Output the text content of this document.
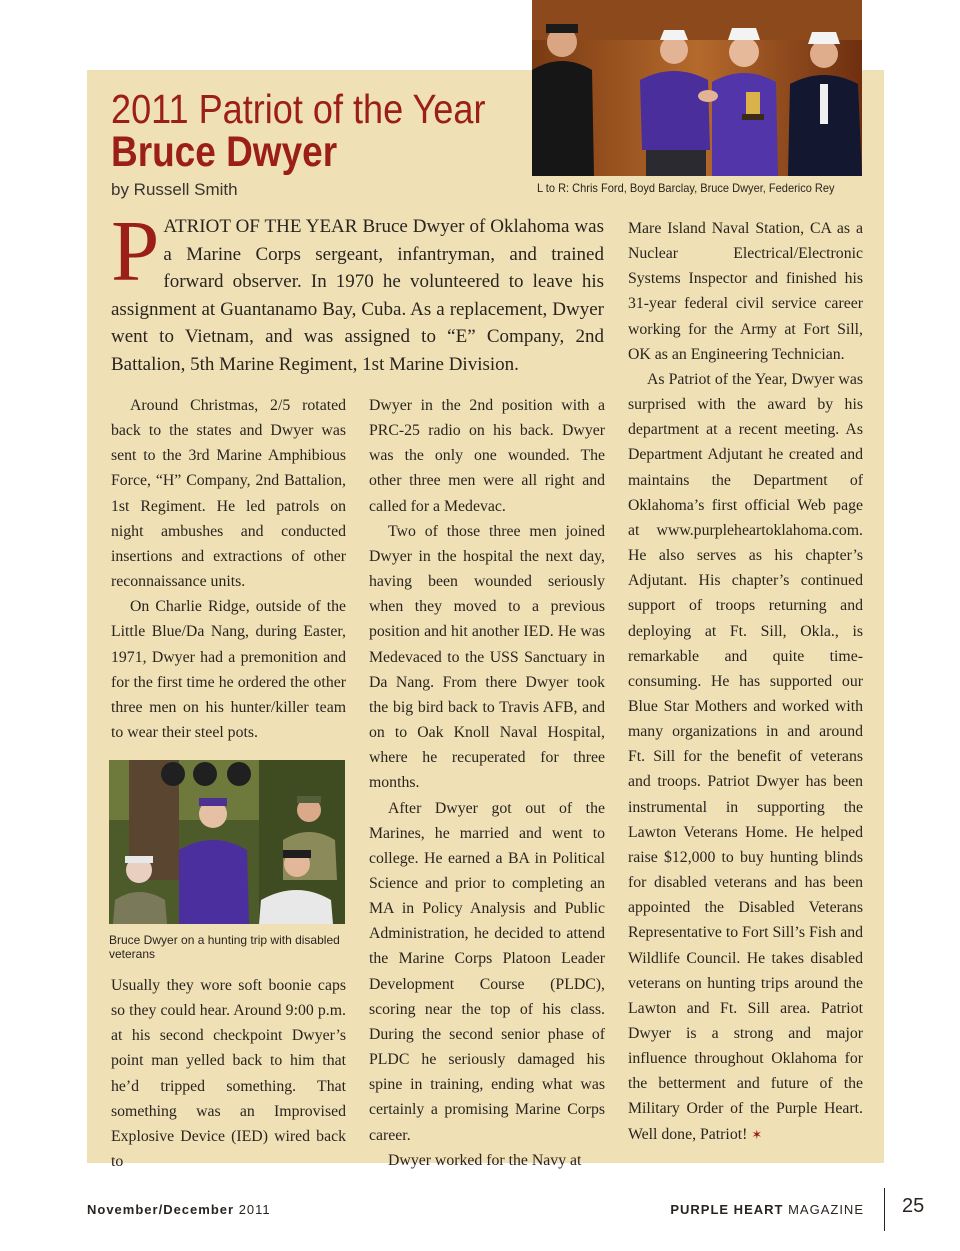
2011 Patriot of the Year
Bruce Dwyer
by Russell Smith	L to R: Chris Ford, Boyd Barclay, Bruce Dwyer, Federico Rey

PATRIOT OF THE YEAR Bruce Dwyer of Oklahoma was a Marine Corps sergeant, infantryman, and trained forward observer. In 1970 he volunteered to leave his assignment at Guantanamo Bay, Cuba. As a replacement, Dwyer went to Vietnam, and was assigned to “E” Company, 2nd Battalion, 5th Marine Regiment, 1st Marine Division.

Around Christmas, 2/5 rotated back to the states and Dwyer was sent to the 3rd Marine Amphibious Force, “H” Company, 2nd Battalion, 1st Regiment. He led patrols on night ambushes and conducted insertions and extractions of other reconnaissance units.

On Charlie Ridge, outside of the Little Blue/Da Nang, during Easter, 1971, Dwyer had a premonition and for the first time he ordered the other three men on his hunter/killer team to wear their steel pots.

Bruce Dwyer on a hunting trip with disabled veterans

Usually they wore soft boonie caps so they could hear. Around 9:00 p.m. at his second checkpoint Dwyer’s point man yelled back to him that he’d tripped something. That something was an Improvised Explosive Device (IED) wired back to

Dwyer in the 2nd position with a PRC-25 radio on his back. Dwyer was the only one wounded. The other three men were all right and called for a Medevac.

Two of those three men joined Dwyer in the hospital the next day, having been wounded seriously when they moved to a previous position and hit another IED. He was Medevaced to the USS Sanctuary in Da Nang. From there Dwyer took the big bird back to Travis AFB, and on to Oak Knoll Naval Hospital, where he recuperated for three months.

After Dwyer got out of the Marines, he married and went to college. He earned a BA in Political Science and prior to completing an MA in Policy Analysis and Public Administration, he decided to attend the Marine Corps Platoon Leader Development Course (PLDC), scoring near the top of his class. During the second senior phase of PLDC he seriously damaged his spine in training, ending what was certainly a promising Marine Corps career.

Dwyer worked for the Navy at

Mare Island Naval Station, CA as a Nuclear Electrical/Electronic Systems Inspector and finished his 31-year federal civil service career working for the Army at Fort Sill, OK as an Engineering Technician.

As Patriot of the Year, Dwyer was surprised with the award by his department at a recent meeting. As Department Adjutant he created and maintains the Department of Oklahoma’s first official Web page at www.purpleheartoklahoma.com. He also serves as his chapter’s Adjutant. His chapter’s continued support of troops returning and deploying at Ft. Sill, Okla., is remarkable and quite time-consuming. He has supported our Blue Star Mothers and worked with many organizations in and around Ft. Sill for the benefit of veterans and troops. Patriot Dwyer has been instrumental in supporting the Lawton Veterans Home. He helped raise $12,000 to buy hunting blinds for disabled veterans and has been appointed the Disabled Veterans Representative to Fort Sill’s Fish and Wildlife Council. He takes disabled veterans on hunting trips around the Lawton and Ft. Sill area. Patriot Dwyer is a strong and major influence throughout Oklahoma for the betterment and future of the Military Order of the Purple Heart. Well done, Patriot! ✶

November/December 2011	PURPLE HEART MAGAZINE 25
